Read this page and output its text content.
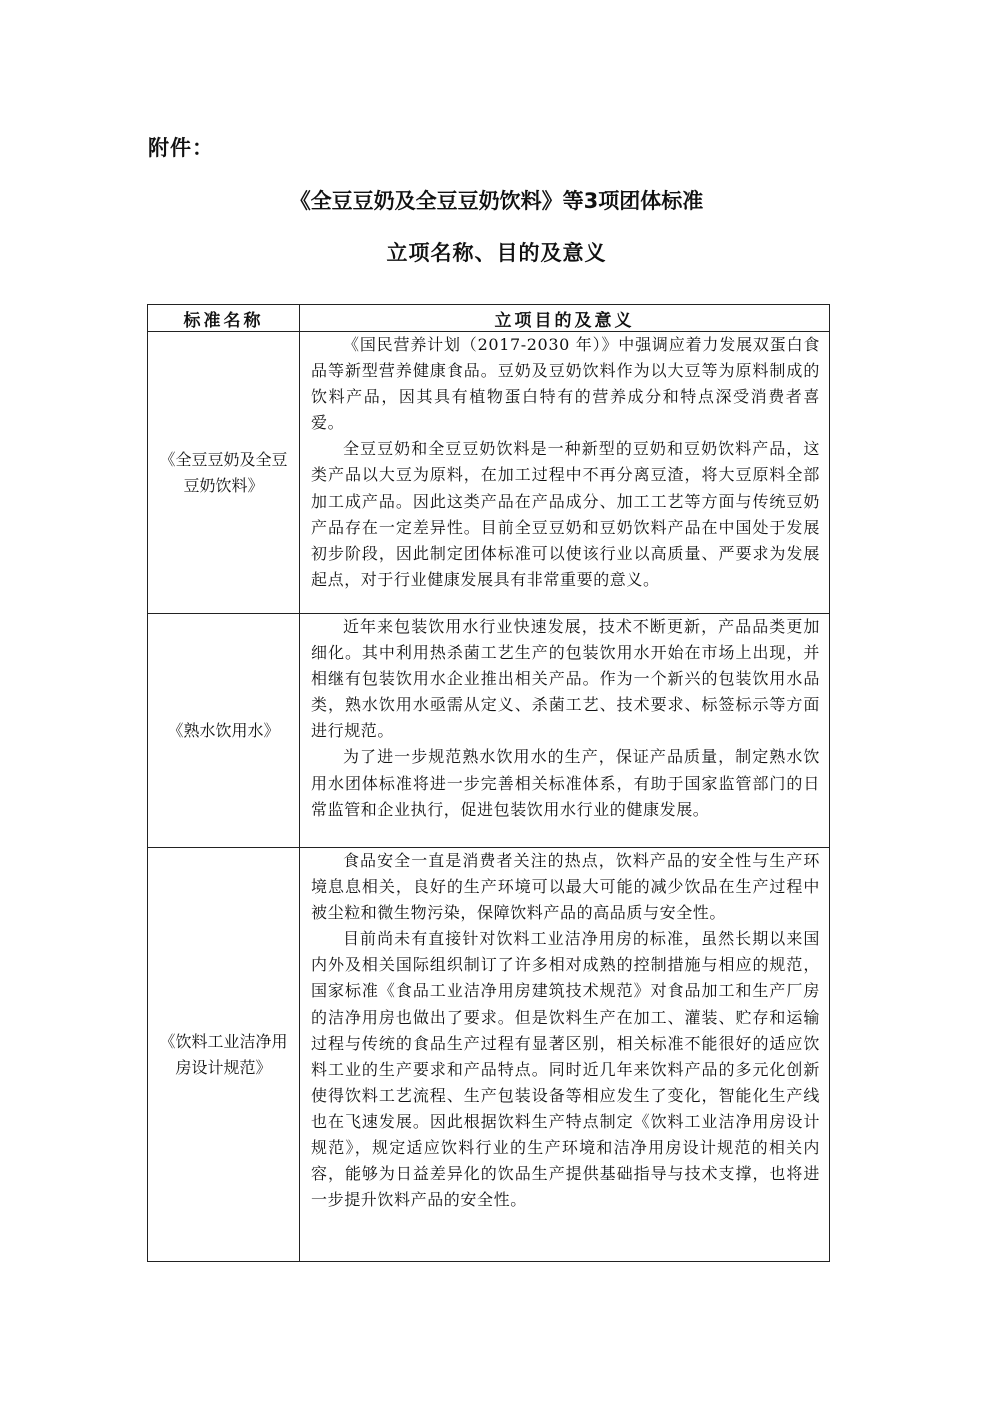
附件：
《全豆豆奶及全豆豆奶饮料》等3项团体标准
立项名称、目的及意义
标准名称	立项目的及意义
《全豆豆奶及全豆豆奶饮料》	《国民营养计划（2017-2030 年）》中强调应着力发展双蛋白食品等新型营养健康食品。豆奶及豆奶饮料作为以大豆等为原料制成的饮料产品，因其具有植物蛋白特有的营养成分和特点深受消费者喜爱。

全豆豆奶和全豆豆奶饮料是一种新型的豆奶和豆奶饮料产品，这类产品以大豆为原料，在加工过程中不再分离豆渣，将大豆原料全部加工成产品。因此这类产品在产品成分、加工工艺等方面与传统豆奶产品存在一定差异性。目前全豆豆奶和豆奶饮料产品在中国处于发展初步阶段，因此制定团体标准可以使该行业以高质量、严要求为发展起点，对于行业健康发展具有非常重要的意义。

《熟水饮用水》	近年来包装饮用水行业快速发展，技术不断更新，产品品类更加细化。其中利用热杀菌工艺生产的包装饮用水开始在市场上出现，并相继有包装饮用水企业推出相关产品。作为一个新兴的包装饮用水品类，熟水饮用水亟需从定义、杀菌工艺、技术要求、标签标示等方面进行规范。

为了进一步规范熟水饮用水的生产，保证产品质量，制定熟水饮用水团体标准将进一步完善相关标准体系，有助于国家监管部门的日常监管和企业执行，促进包装饮用水行业的健康发展。

《饮料工业洁净用房设计规范》	食品安全一直是消费者关注的热点，饮料产品的安全性与生产环境息息相关，良好的生产环境可以最大可能的减少饮品在生产过程中被尘粒和微生物污染，保障饮料产品的高品质与安全性。

目前尚未有直接针对饮料工业洁净用房的标准，虽然长期以来国内外及相关国际组织制订了许多相对成熟的控制措施与相应的规范，国家标准《食品工业洁净用房建筑技术规范》对食品加工和生产厂房的洁净用房也做出了要求。但是饮料生产在加工、灌装、贮存和运输过程与传统的食品生产过程有显著区别，相关标准不能很好的适应饮料工业的生产要求和产品特点。同时近几年来饮料产品的多元化创新使得饮料工艺流程、生产包装设备等相应发生了变化，智能化生产线也在飞速发展。因此根据饮料生产特点制定《饮料工业洁净用房设计规范》，规定适应饮料行业的生产环境和洁净用房设计规范的相关内容，能够为日益差异化的饮品生产提供基础指导与技术支撑，也将进一步提升饮料产品的安全性。
